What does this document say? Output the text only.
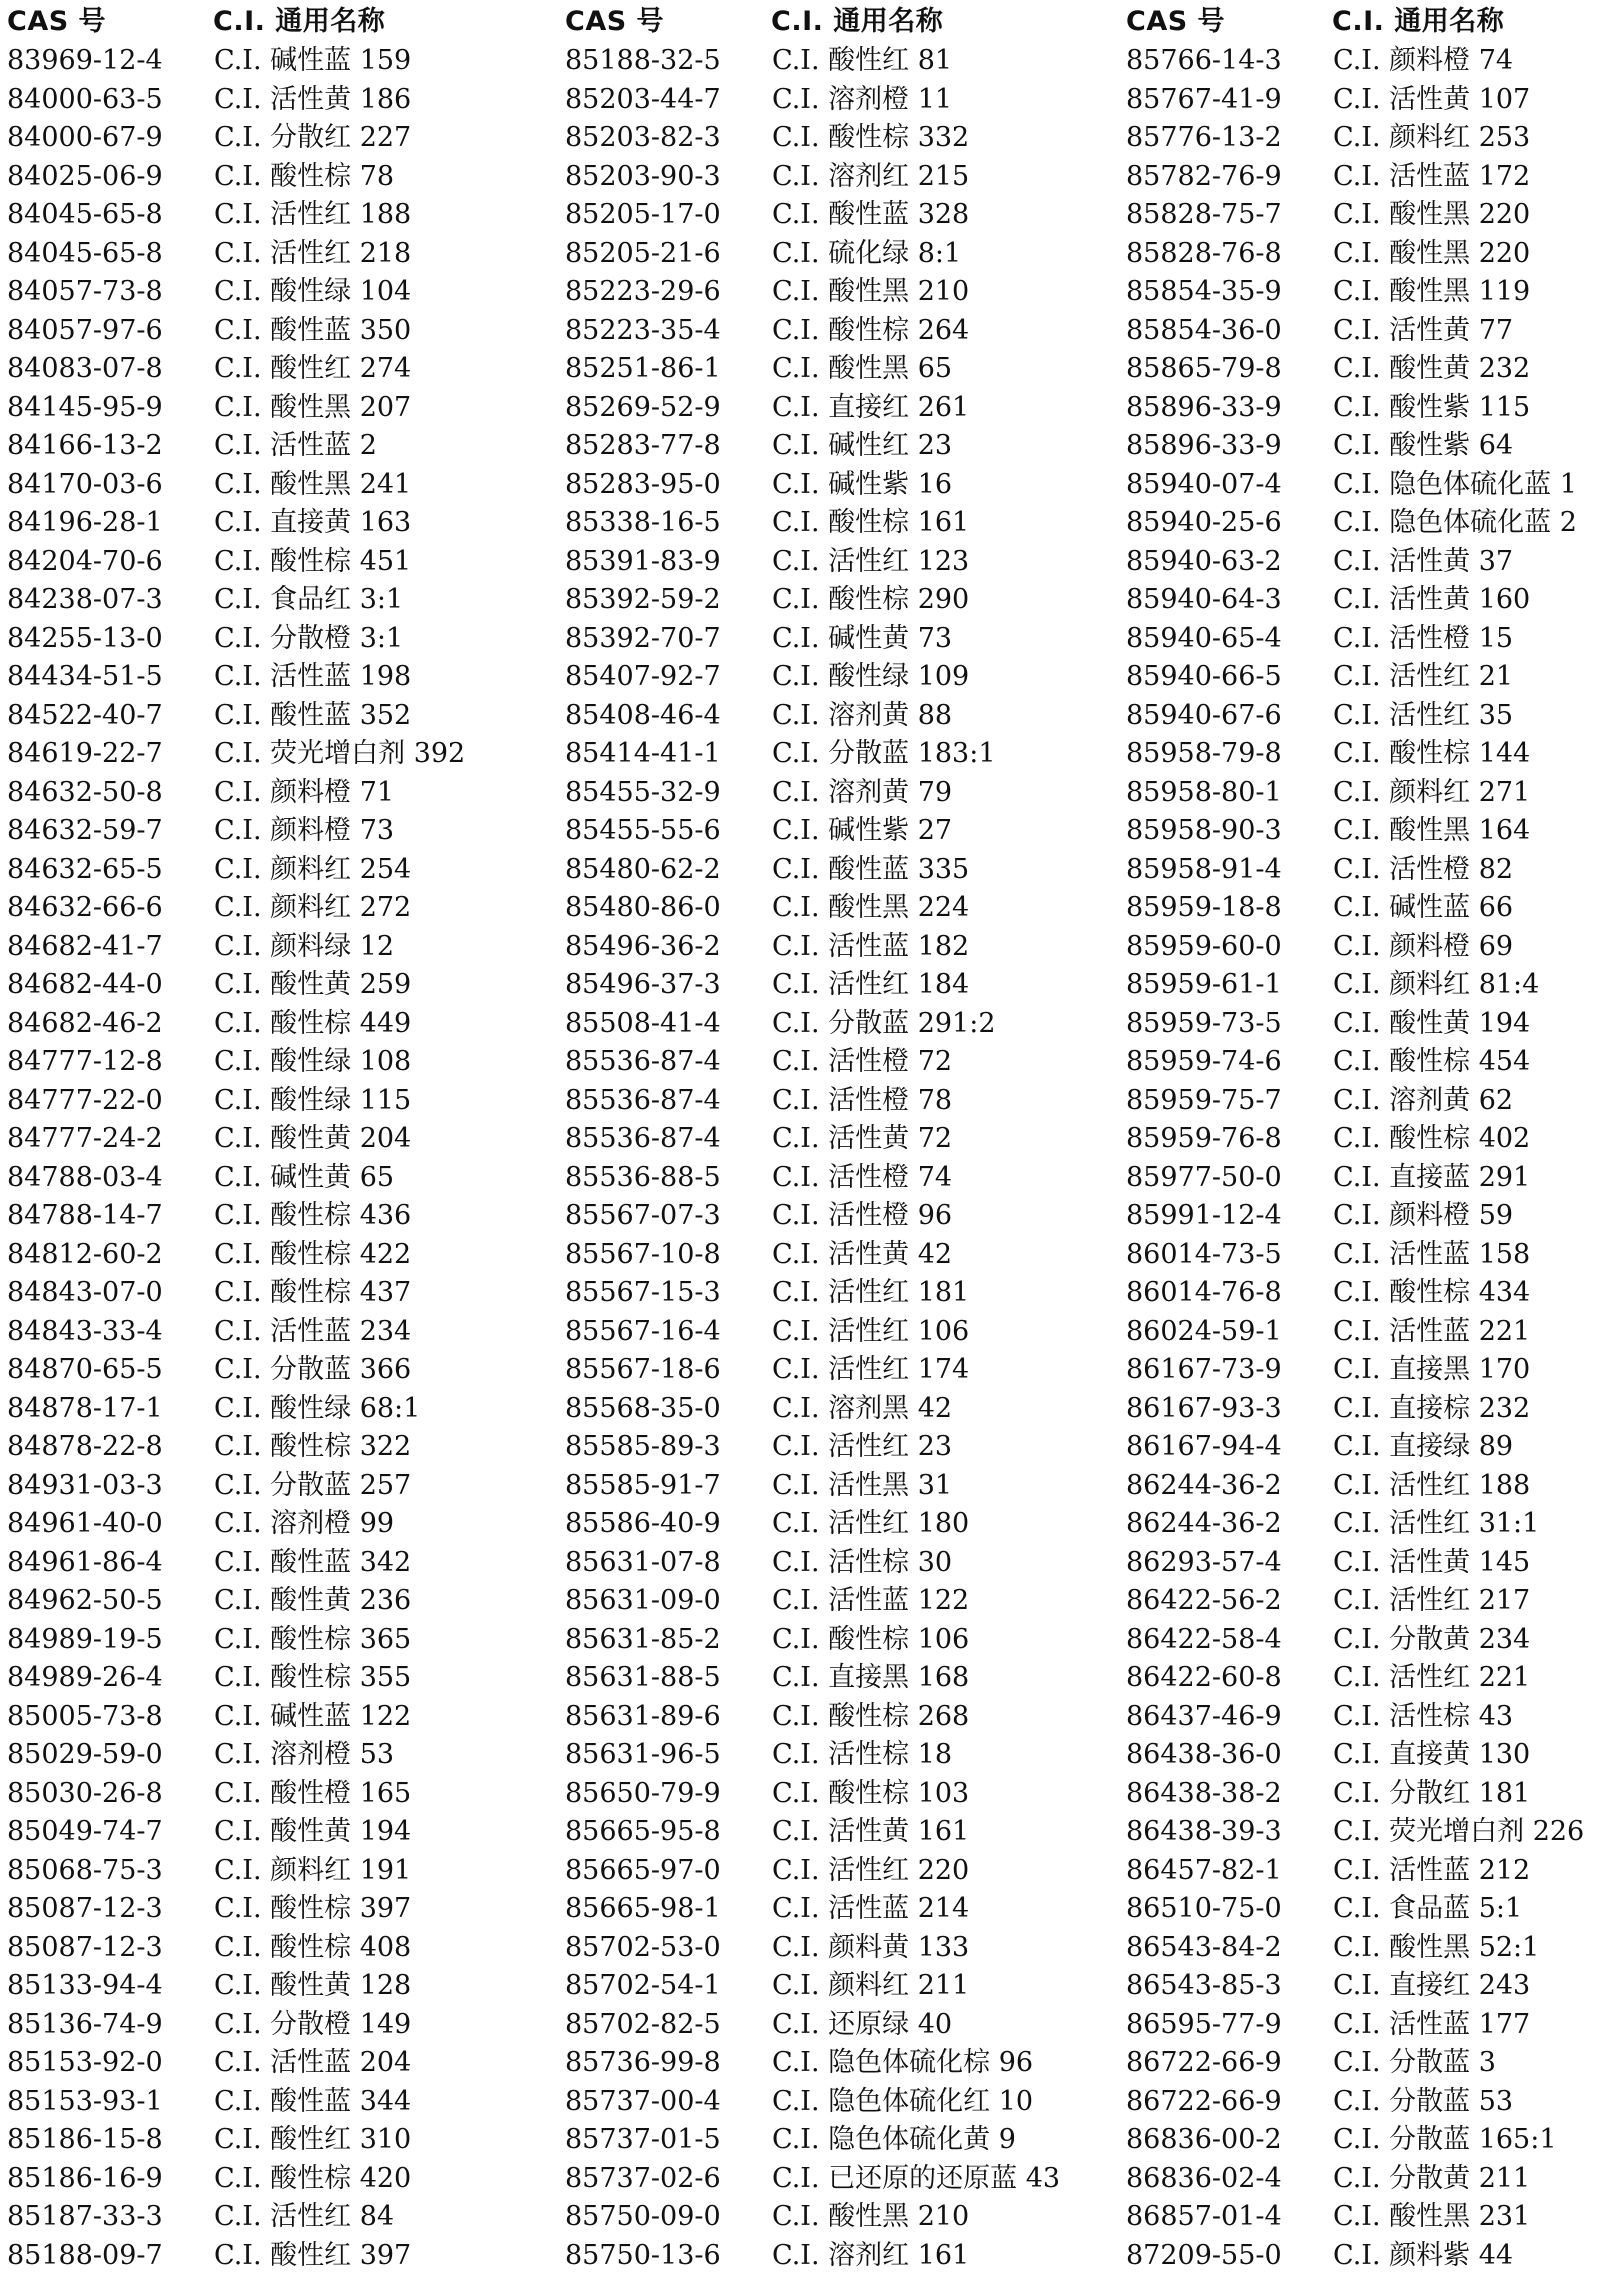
CAS 号	C.I. 通用名称
83969-12-4 C.I. 碱性蓝 159
84000-63-5 C.I. 活性黄 186
84000-67-9 C.I. 分散红 227
84025-06-9 C.I. 酸性棕 78
84045-65-8 C.I. 活性红 188
84045-65-8 C.I. 活性红 218
84057-73-8 C.I. 酸性绿 104
84057-97-6 C.I. 酸性蓝 350
84083-07-8 C.I. 酸性红 274
84145-95-9 C.I. 酸性黑 207
84166-13-2 C.I. 活性蓝 2
84170-03-6 C.I. 酸性黑 241
84196-28-1 C.I. 直接黄 163
84204-70-6 C.I. 酸性棕 451
84238-07-3 C.I. 食品红 3:1
84255-13-0 C.I. 分散橙 3:1
84434-51-5 C.I. 活性蓝 198
84522-40-7 C.I. 酸性蓝 352
84619-22-7 C.I. 荧光增白剂 392
84632-50-8 C.I. 颜料橙 71
84632-59-7 C.I. 颜料橙 73
84632-65-5 C.I. 颜料红 254
84632-66-6 C.I. 颜料红 272
84682-41-7 C.I. 颜料绿 12
84682-44-0 C.I. 酸性黄 259
84682-46-2 C.I. 酸性棕 449
84777-12-8 C.I. 酸性绿 108
84777-22-0 C.I. 酸性绿 115
84777-24-2 C.I. 酸性黄 204
84788-03-4 C.I. 碱性黄 65
84788-14-7 C.I. 酸性棕 436
84812-60-2 C.I. 酸性棕 422
84843-07-0 C.I. 酸性棕 437
84843-33-4 C.I. 活性蓝 234
84870-65-5 C.I. 分散蓝 366
84878-17-1 C.I. 酸性绿 68:1
84878-22-8 C.I. 酸性棕 322
84931-03-3 C.I. 分散蓝 257
84961-40-0 C.I. 溶剂橙 99
84961-86-4 C.I. 酸性蓝 342
84962-50-5 C.I. 酸性黄 236
84989-19-5 C.I. 酸性棕 365
84989-26-4 C.I. 酸性棕 355
85005-73-8 C.I. 碱性蓝 122
85029-59-0 C.I. 溶剂橙 53
85030-26-8 C.I. 酸性橙 165
85049-74-7 C.I. 酸性黄 194
85068-75-3 C.I. 颜料红 191
85087-12-3 C.I. 酸性棕 397
85087-12-3 C.I. 酸性棕 408
85133-94-4 C.I. 酸性黄 128
85136-74-9 C.I. 分散橙 149
85153-92-0 C.I. 活性蓝 204
85153-93-1 C.I. 酸性蓝 344
85186-15-8 C.I. 酸性红 310
85186-16-9 C.I. 酸性棕 420
85187-33-3 C.I. 活性红 84
85188-09-7 C.I. 酸性红 397
CAS 号	C.I. 通用名称
85188-32-5 C.I. 酸性红 81
85203-44-7 C.I. 溶剂橙 11
85203-82-3 C.I. 酸性棕 332
85203-90-3 C.I. 溶剂红 215
85205-17-0 C.I. 酸性蓝 328
85205-21-6 C.I. 硫化绿 8:1
85223-29-6 C.I. 酸性黑 210
85223-35-4 C.I. 酸性棕 264
85251-86-1 C.I. 酸性黑 65
85269-52-9 C.I. 直接红 261
85283-77-8 C.I. 碱性红 23
85283-95-0 C.I. 碱性紫 16
85338-16-5 C.I. 酸性棕 161
85391-83-9 C.I. 活性红 123
85392-59-2 C.I. 酸性棕 290
85392-70-7 C.I. 碱性黄 73
85407-92-7 C.I. 酸性绿 109
85408-46-4 C.I. 溶剂黄 88
85414-41-1 C.I. 分散蓝 183:1
85455-32-9 C.I. 溶剂黄 79
85455-55-6 C.I. 碱性紫 27
85480-62-2 C.I. 酸性蓝 335
85480-86-0 C.I. 酸性黑 224
85496-36-2 C.I. 活性蓝 182
85496-37-3 C.I. 活性红 184
85508-41-4 C.I. 分散蓝 291:2
85536-87-4 C.I. 活性橙 72
85536-87-4 C.I. 活性橙 78
85536-87-4 C.I. 活性黄 72
85536-88-5 C.I. 活性橙 74
85567-07-3 C.I. 活性橙 96
85567-10-8 C.I. 活性黄 42
85567-15-3 C.I. 活性红 181
85567-16-4 C.I. 活性红 106
85567-18-6 C.I. 活性红 174
85568-35-0 C.I. 溶剂黑 42
85585-89-3 C.I. 活性红 23
85585-91-7 C.I. 活性黑 31
85586-40-9 C.I. 活性红 180
85631-07-8 C.I. 活性棕 30
85631-09-0 C.I. 活性蓝 122
85631-85-2 C.I. 酸性棕 106
85631-88-5 C.I. 直接黑 168
85631-89-6 C.I. 酸性棕 268
85631-96-5 C.I. 活性棕 18
85650-79-9 C.I. 酸性棕 103
85665-95-8 C.I. 活性黄 161
85665-97-0 C.I. 活性红 220
85665-98-1 C.I. 活性蓝 214
85702-53-0 C.I. 颜料黄 133
85702-54-1 C.I. 颜料红 211
85702-82-5 C.I. 还原绿 40
85736-99-8 C.I. 隐色体硫化棕 96
85737-00-4 C.I. 隐色体硫化红 10
85737-01-5 C.I. 隐色体硫化黄 9
85737-02-6 C.I. 已还原的还原蓝 43
85750-09-0 C.I. 酸性黑 210
85750-13-6 C.I. 溶剂红 161
CAS 号	C.I. 通用名称
85766-14-3 C.I. 颜料橙 74
85767-41-9 C.I. 活性黄 107
85776-13-2 C.I. 颜料红 253
85782-76-9 C.I. 活性蓝 172
85828-75-7 C.I. 酸性黑 220
85828-76-8 C.I. 酸性黑 220
85854-35-9 C.I. 酸性黑 119
85854-36-0 C.I. 活性黄 77
85865-79-8 C.I. 酸性黄 232
85896-33-9 C.I. 酸性紫 115
85896-33-9 C.I. 酸性紫 64
85940-07-4 C.I. 隐色体硫化蓝 1
85940-25-6 C.I. 隐色体硫化蓝 2
85940-63-2 C.I. 活性黄 37
85940-64-3 C.I. 活性黄 160
85940-65-4 C.I. 活性橙 15
85940-66-5 C.I. 活性红 21
85940-67-6 C.I. 活性红 35
85958-79-8 C.I. 酸性棕 144
85958-80-1 C.I. 颜料红 271
85958-90-3 C.I. 酸性黑 164
85958-91-4 C.I. 活性橙 82
85959-18-8 C.I. 碱性蓝 66
85959-60-0 C.I. 颜料橙 69
85959-61-1 C.I. 颜料红 81:4
85959-73-5 C.I. 酸性黄 194
85959-74-6 C.I. 酸性棕 454
85959-75-7 C.I. 溶剂黄 62
85959-76-8 C.I. 酸性棕 402
85977-50-0 C.I. 直接蓝 291
85991-12-4 C.I. 颜料橙 59
86014-73-5 C.I. 活性蓝 158
86014-76-8 C.I. 酸性棕 434
86024-59-1 C.I. 活性蓝 221
86167-73-9 C.I. 直接黑 170
86167-93-3 C.I. 直接棕 232
86167-94-4 C.I. 直接绿 89
86244-36-2 C.I. 活性红 188
86244-36-2 C.I. 活性红 31:1
86293-57-4 C.I. 活性黄 145
86422-56-2 C.I. 活性红 217
86422-58-4 C.I. 分散黄 234
86422-60-8 C.I. 活性红 221
86437-46-9 C.I. 活性棕 43
86438-36-0 C.I. 直接黄 130
86438-38-2 C.I. 分散红 181
86438-39-3 C.I. 荧光增白剂 226
86457-82-1 C.I. 活性蓝 212
86510-75-0 C.I. 食品蓝 5:1
86543-84-2 C.I. 酸性黑 52:1
86543-85-3 C.I. 直接红 243
86595-77-9 C.I. 活性蓝 177
86722-66-9 C.I. 分散蓝 3
86722-66-9 C.I. 分散蓝 53
86836-00-2 C.I. 分散蓝 165:1
86836-02-4 C.I. 分散黄 211
86857-01-4 C.I. 酸性黑 231
87209-55-0 C.I. 颜料紫 44
